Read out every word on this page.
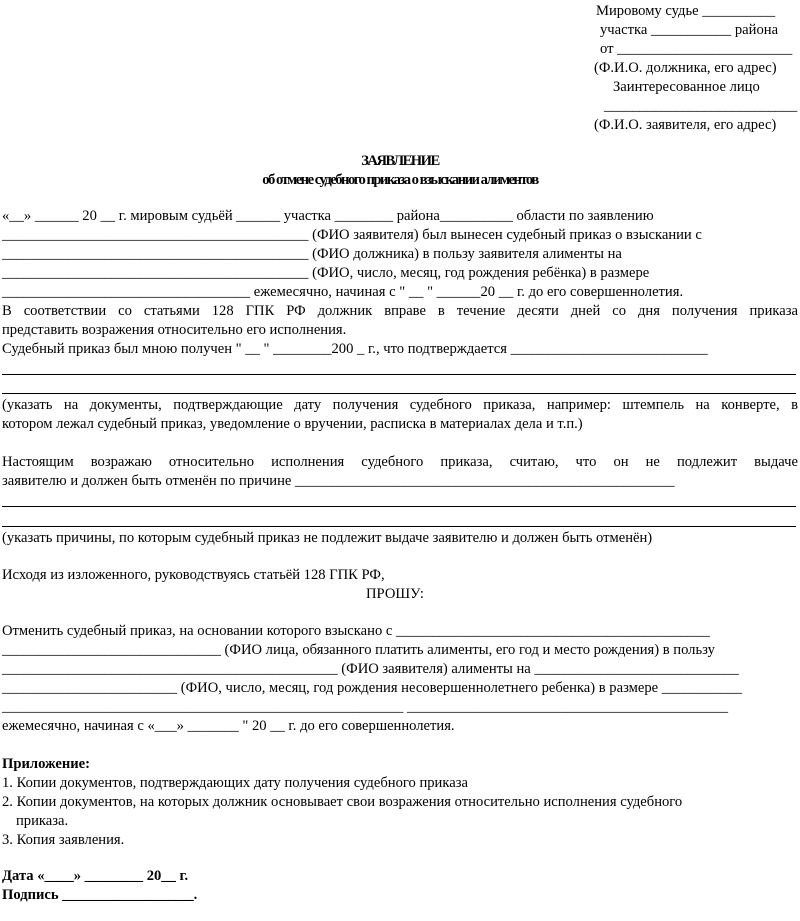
Мировому судье __________
участка ___________ района
от ________________________
(Ф.И.О. должника, его адрес)
Заинтересованное лицо
___________________________
(Ф.И.О. заявителя, его адрес)
ЗАЯВЛЕНИЕ
об отмене судебного приказа о взыскании алиментов
«__» ______ 20 __ г. мировым судьёй ______ участка ________ района__________ области по заявлению
__________________________________________ (ФИО заявителя) был вынесен судебный приказ о взыскании с
__________________________________________ (ФИО должника) в пользу заявителя алименты на
__________________________________________ (ФИО, число, месяц, год рождения ребёнка) в размере
__________________________________ ежемесячно, начиная с " __ " ______20 __ г. до его совершеннолетия.
В соответствии со статьями 128 ГПК РФ должник вправе в течение десяти дней со дня получения приказа
представить возражения относительно его исполнения.
Судебный приказ был мною получен " __ " ________200 _ г., что подтверждается ___________________________
(указать на документы, подтверждающие дату получения судебного приказа, например: штемпель на конверте, в
котором лежал судебный приказ, уведомление о вручении, расписка в материалах дела и т.п.)
Настоящим возражаю относительно исполнения судебного приказа, считаю, что он не подлежит выдаче
заявителю и должен быть отменён по причине ____________________________________________________
(указать причины, по которым судебный приказ не подлежит выдаче заявителю и должен быть отменён)
Исходя из изложенного, руководствуясь статьёй 128 ГПК РФ,
ПРОШУ:
Отменить судебный приказ, на основании которого взыскано с ___________________________________________
______________________________ (ФИО лица, обязанного платить алименты, его год и место рождения) в пользу
______________________________________________ (ФИО заявителя) алименты на ____________________________
________________________ (ФИО, число, месяц, год рождения несовершеннолетнего ребенка) в размере ___________
_______________________________________________________ ____________________________________________
ежемесячно, начиная с «___» _______ " 20 __ г. до его совершеннолетия.
Приложение:
1. Копии документов, подтверждающих дату получения судебного приказа
2. Копии документов, на которых должник основывает свои возражения относительно исполнения судебного
приказа.
3. Копия заявления.
Дата «____» ________ 20__ г.
Подпись __________________.
